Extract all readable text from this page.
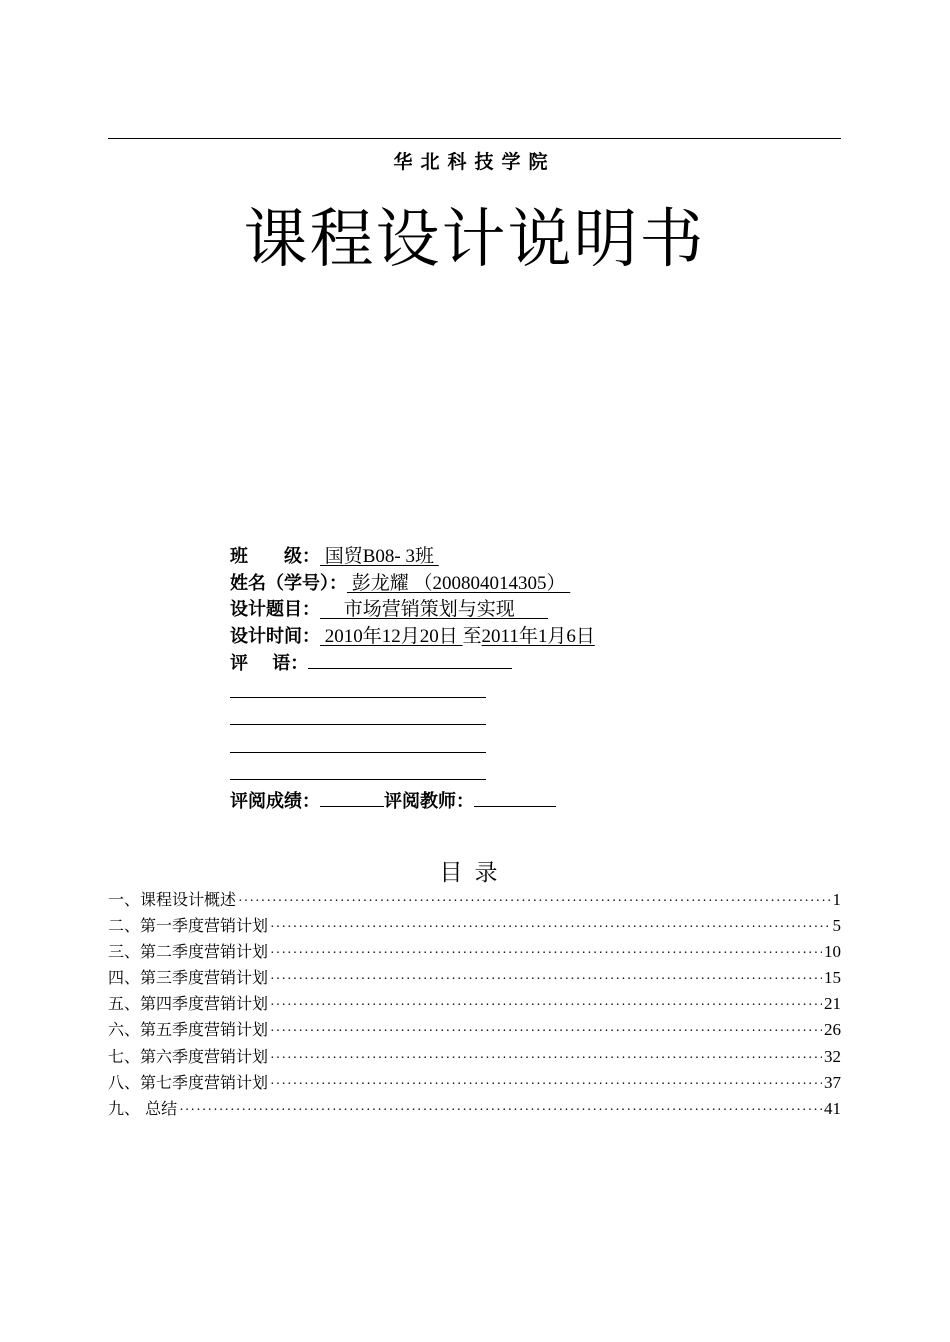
华北科技学院
课程设计说明书
班　　级： 国贸B08- 3班
姓名（学号）： 彭龙耀 （200804014305）
设计题目：     市场营销策划与实现
设计时间： 2010年12月20日 至2011年1月6日
评　 语：
评阅成绩：	评阅教师：
目录
一、课程设计概述 ·····	1
二、第一季度营销计划 ·····	5
三、第二季度营销计划 ·····	10
四、第三季度营销计划 ·····	15
五、第四季度营销计划 ·····	21
六、第五季度营销计划 ·····	26
七、第六季度营销计划 ·····	32
八、第七季度营销计划 ·····	37
九、 总结 ·····	41
